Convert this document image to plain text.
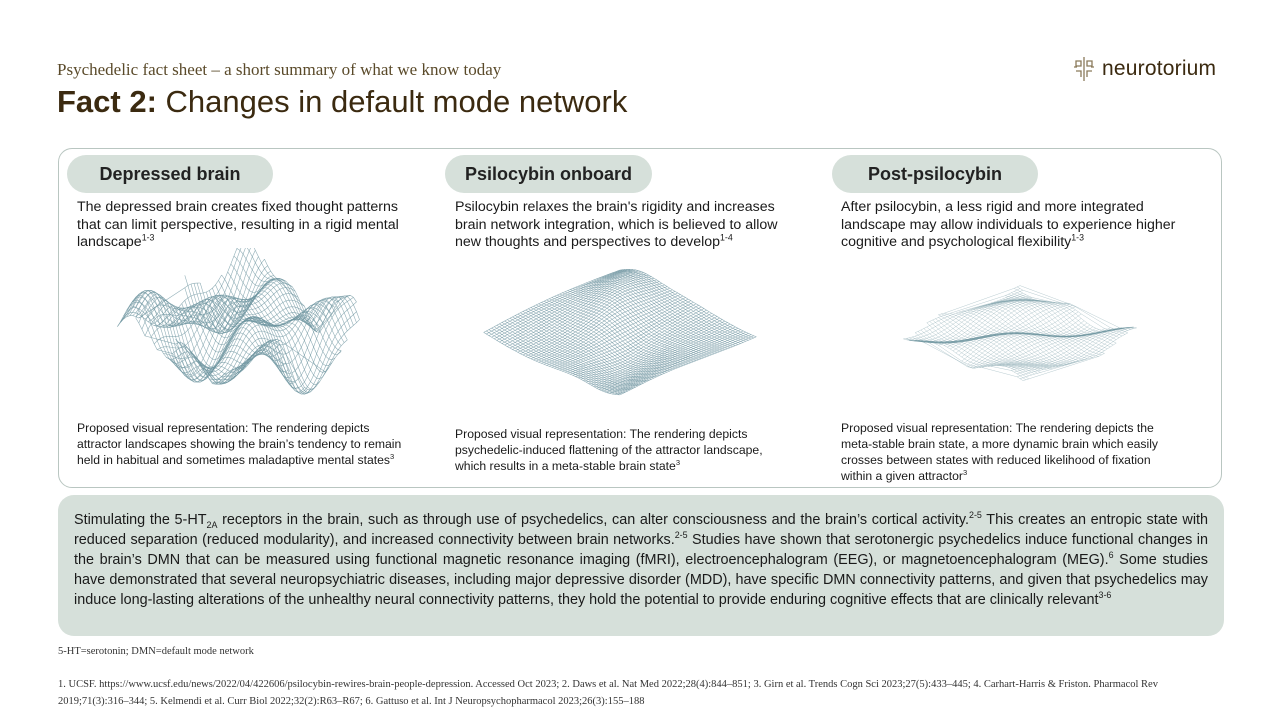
Psychedelic fact sheet – a short summary of what we know today
Fact 2: Changes in default mode network
neurotorium
Depressed brain
The depressed brain creates fixed thought patterns that can limit perspective, resulting in a rigid mental landscape$^{1-3}$
Proposed visual representation: The rendering depicts attractor landscapes showing the brain’s tendency to remain held in habitual and sometimes maladaptive mental states$^3$
Psilocybin onboard
Psilocybin relaxes the brain's rigidity and increases brain network integration, which is believed to allow new thoughts and perspectives to develop$^{1-4}$
Proposed visual representation: The rendering depicts psychedelic-induced flattening of the attractor landscape, which results in a meta-stable brain state$^3$
Post-psilocybin
After psilocybin, a less rigid and more integrated landscape may allow individuals to experience higher cognitive and psychological flexibility$^{1-3}$
Proposed visual representation: The rendering depicts the meta-stable brain state, a more dynamic brain which easily crosses between states with reduced likelihood of fixation within a given attractor$^3$
Stimulating the $5-HT_{2A}$ receptors in the brain, such as through use of psychedelics, can alter consciousness and the brain’s cortical activity.$^{2-5}$ This creates an entropic state with reduced separation (reduced modularity), and increased connectivity between brain networks.$^{2-5}$ Studies have shown that serotonergic psychedelics induce functional changes in the brain’s DMN that can be measured using functional magnetic resonance imaging (fMRI), electroencephalogram (EEG), or magnetoencephalogram (MEG).$^6$ Some studies have demonstrated that several neuropsychiatric diseases, including major depressive disorder (MDD), have specific DMN connectivity patterns, and given that psychedelics may induce long-lasting alterations of the unhealthy neural connectivity patterns, they hold the potential to provide enduring cognitive effects that are clinically relevant$^{3-6}$
5-HT=serotonin; DMN=default mode network
1. UCSF. https://www.ucsf.edu/news/2022/04/422606/psilocybin-rewires-brain-people-depression. Accessed Oct 2023; 2. Daws et al. Nat Med 2022;28(4):844–851; 3. Girn et al. Trends Cogn Sci 2023;27(5):433–445; 4. Carhart-Harris & Friston. Pharmacol Rev 2019;71(3):316–344; 5. Kelmendi et al. Curr Biol 2022;32(2):R63–R67; 6. Gattuso et al. Int J Neuropsychopharmacol 2023;26(3):155–188
